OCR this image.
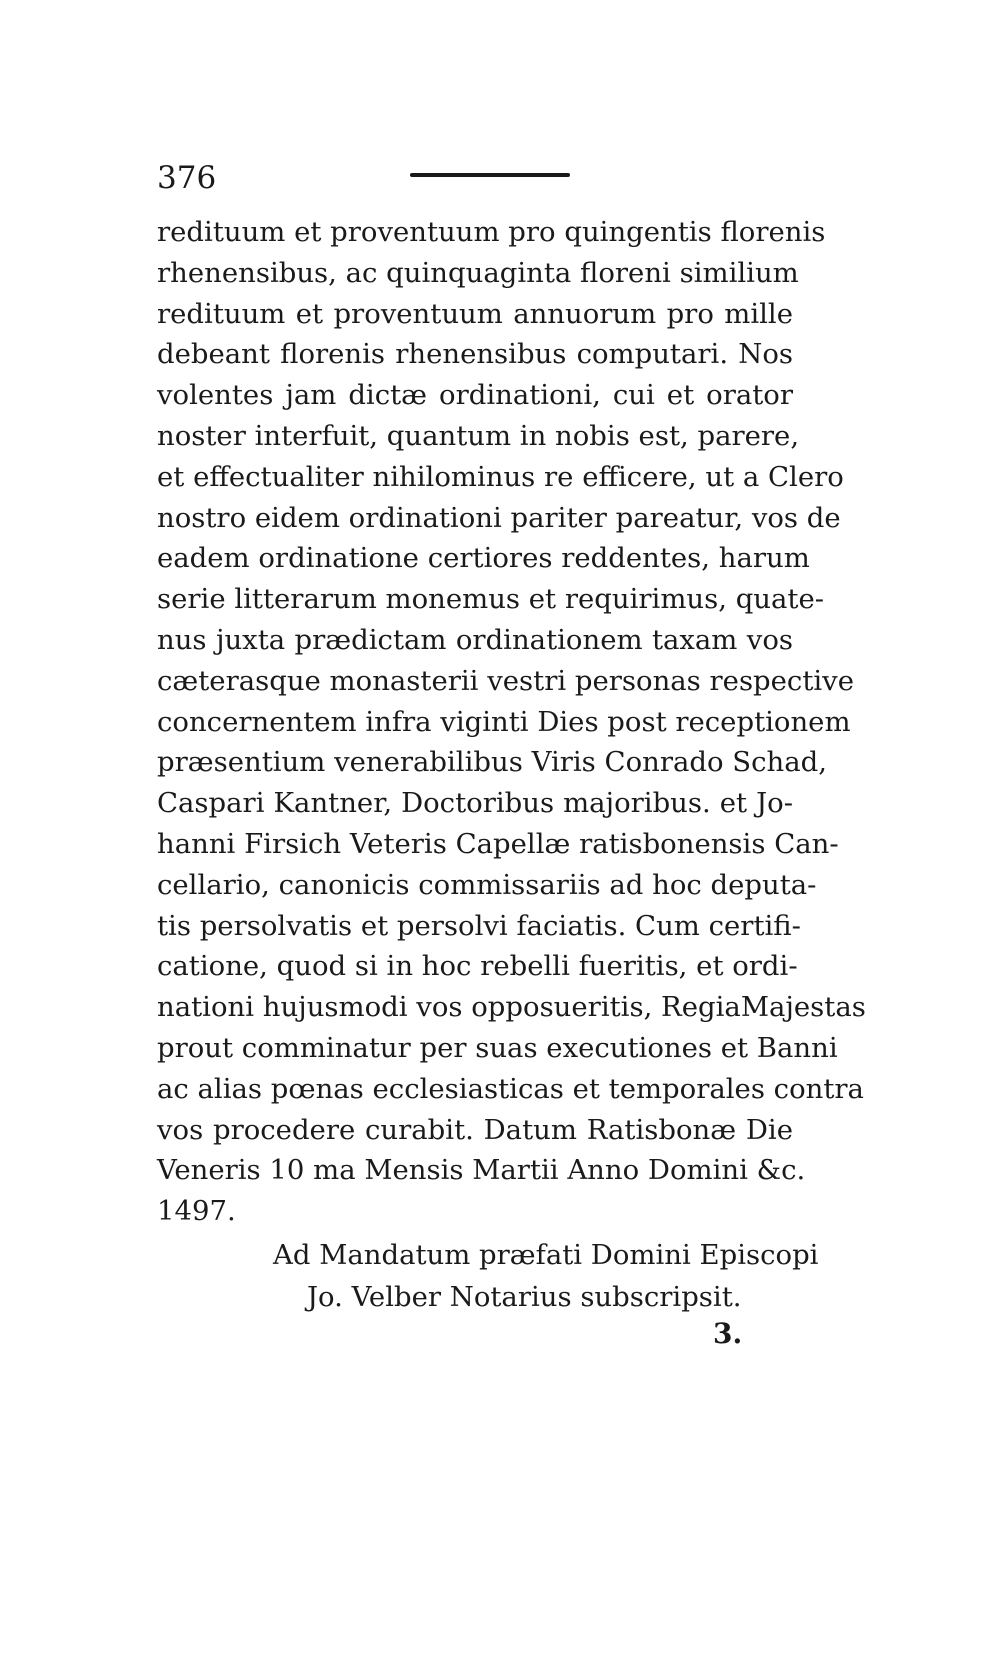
376
redituum et proventuum pro quingentis florenis
rhenensibus, ac quinquaginta floreni similium
redituum et proventuum annuorum pro mille
debeant florenis rhenensibus computari. Nos
volentes jam dictæ ordinationi, cui et orator
noster interfuit, quantum in nobis est, parere,
et effectualiter nihilominus re efficere, ut a Clero
nostro eidem ordinationi pariter pareatur, vos de
eadem ordinatione certiores reddentes, harum
serie litterarum monemus et requirimus, quate-
nus juxta prædictam ordinationem taxam vos
cæterasque monasterii vestri personas respective
concernentem infra viginti Dies post receptionem
præsentium venerabilibus Viris Conrado Schad,
Caspari Kantner, Doctoribus majoribus. et Jo-
hanni Firsich Veteris Capellæ ratisbonensis Can-
cellario, canonicis commissariis ad hoc deputa-
tis persolvatis et persolvi faciatis. Cum certifi-
catione, quod si in hoc rebelli fueritis, et ordi-
nationi hujusmodi vos opposueritis, RegiaMajestas
prout comminatur per suas executiones et Banni
ac alias pœnas ecclesiasticas et temporales contra
vos procedere curabit. Datum Ratisbonæ Die
Veneris 10 ma Mensis Martii Anno Domini &c.
1497.
Ad Mandatum præfati Domini Episcopi
Jo. Velber Notarius subscripsit.
3.
